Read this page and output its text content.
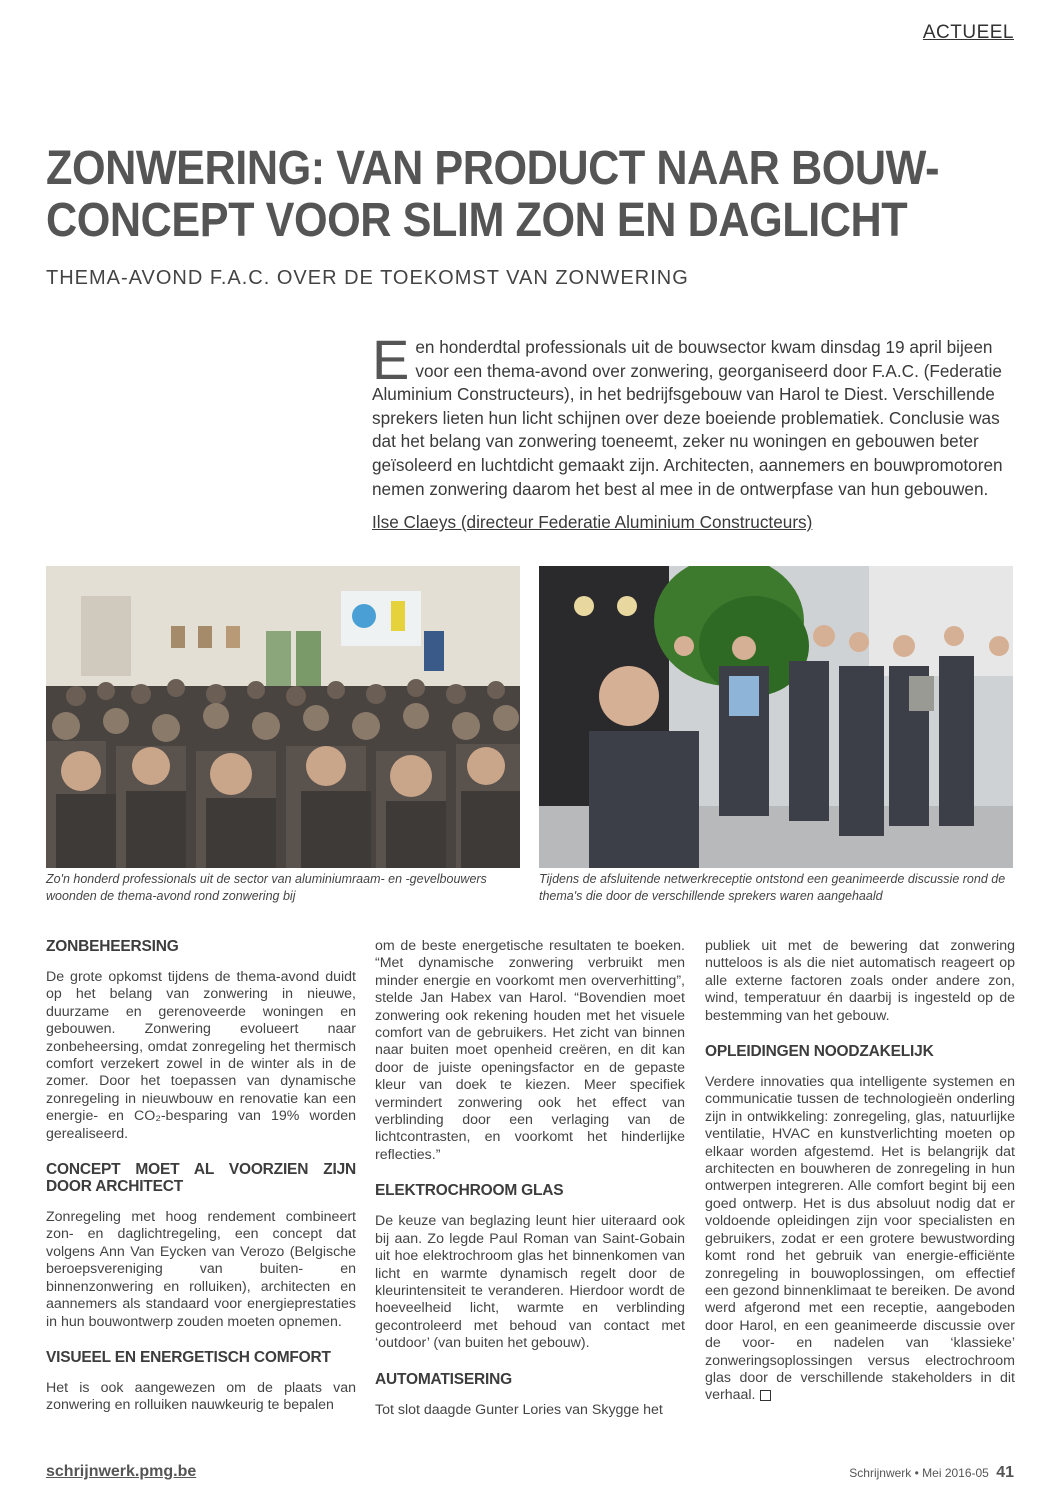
ACTUEEL
ZONWERING: VAN PRODUCT NAAR BOUW-
CONCEPT VOOR SLIM ZON EN DAGLICHT
THEMA-AVOND F.A.C. OVER DE TOEKOMST VAN ZONWERING
E en honderdtal professionals uit de bouwsector kwam dinsdag 19 april bijeen voor een thema-avond over zonwering, georganiseerd door F.A.C. (Federatie Aluminium Constructeurs), in het bedrijfsgebouw van Harol te Diest. Verschillende sprekers lieten hun licht schijnen over deze boeiende problematiek. Conclusie was dat het belang van zonwering toeneemt, zeker nu woningen en gebouwen beter geïsoleerd en luchtdicht gemaakt zijn. Architecten, aannemers en bouwpromotoren nemen zonwering daarom het best al mee in de ontwerpfase van hun gebouwen.

Ilse Claeys (directeur Federatie Aluminium Constructeurs)
Zo'n honderd professionals uit de sector van aluminiumraam- en -gevelbouwers woonden de thema-avond rond zonwering bij
Tijdens de afsluitende netwerkreceptie ontstond een geanimeerde discussie rond de thema's die door de verschillende sprekers waren aangehaald
ZONBEHEERSING

De grote opkomst tijdens de thema-avond duidt op het belang van zonwering in nieuwe, duurzame en gerenoveerde woningen en gebouwen. Zonwering evolueert naar zonbeheersing, omdat zonregeling het thermisch comfort verzekert zowel in de winter als in de zomer. Door het toepassen van dynamische zonregeling in nieuwbouw en renovatie kan een energie- en CO₂-besparing van 19% worden gerealiseerd.

CONCEPT MOET AL VOORZIEN ZIJN DOOR ARCHITECT

Zonregeling met hoog rendement combineert zon- en daglichtregeling, een concept dat volgens Ann Van Eycken van Verozo (Belgische beroepsvereniging van buiten- en binnenzonwering en rolluiken), architecten en aannemers als standaard voor energieprestaties in hun bouwontwerp zouden moeten opnemen.

VISUEEL EN ENERGETISCH COMFORT

Het is ook aangewezen om de plaats van zonwering en rolluiken nauwkeurig te bepalen

om de beste energetische resultaten te boeken. “Met dynamische zonwering verbruikt men minder energie en voorkomt men oververhitting”, stelde Jan Habex van Harol. “Bovendien moet zonwering ook rekening houden met het visuele comfort van de gebruikers. Het zicht van binnen naar buiten moet openheid creëren, en dit kan door de juiste openingsfactor en de gepaste kleur van doek te kiezen. Meer specifiek vermindert zonwering ook het effect van verblinding door een verlaging van de lichtcontrasten, en voorkomt het hinderlijke reflecties.”

ELEKTROCHROOM GLAS

De keuze van beglazing leunt hier uiteraard ook bij aan. Zo legde Paul Roman van Saint-Gobain uit hoe elektrochroom glas het binnenkomen van licht en warmte dynamisch regelt door de kleurintensiteit te veranderen. Hierdoor wordt de hoeveelheid licht, warmte en verblinding gecontroleerd met behoud van contact met ‘outdoor’ (van buiten het gebouw).

AUTOMATISERING

Tot slot daagde Gunter Lories van Skygge het

publiek uit met de bewering dat zonwering nutteloos is als die niet automatisch reageert op alle externe factoren zoals onder andere zon, wind, temperatuur én daarbij is ingesteld op de bestemming van het gebouw.

OPLEIDINGEN NOODZAKELIJK

Verdere innovaties qua intelligente systemen en communicatie tussen de technologieën onderling zijn in ontwikkeling: zonregeling, glas, natuurlijke ventilatie, HVAC en kunstverlichting moeten op elkaar worden afgestemd. Het is belangrijk dat architecten en bouwheren de zonregeling in hun ontwerpen integreren. Alle comfort begint bij een goed ontwerp. Het is dus absoluut nodig dat er voldoende opleidingen zijn voor specialisten en gebruikers, zodat er een grotere bewustwording komt rond het gebruik van energie-efficiënte zonregeling in bouwoplossingen, om effectief een gezond binnenklimaat te bereiken. De avond werd afgerond met een receptie, aangeboden door Harol, en een geanimeerde discussie over de voor- en nadelen van ‘klassieke’ zonweringsoplossingen versus electrochroom glas door de verschillende stakeholders in dit verhaal.

schrijnwerk.pmg.be	Schrijnwerk • Mei 2016-05 41
